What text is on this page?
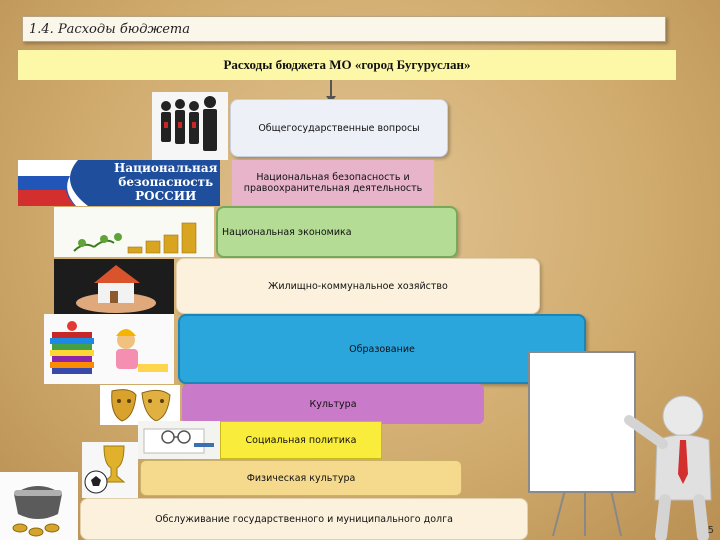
1.4. Расходы бюджета
Расходы бюджета МО «город Бугуруслан»
Общегосударственные вопросы
Национальная безопасность и правоохранительная деятельность
Национальная экономика
Жилищно-коммунальное хозяйство
Образование
Культура
Социальная политика
Физическая культура
Обслуживание государственного и муниципального долга
Национальная
безопасность
РОССИИ
5
